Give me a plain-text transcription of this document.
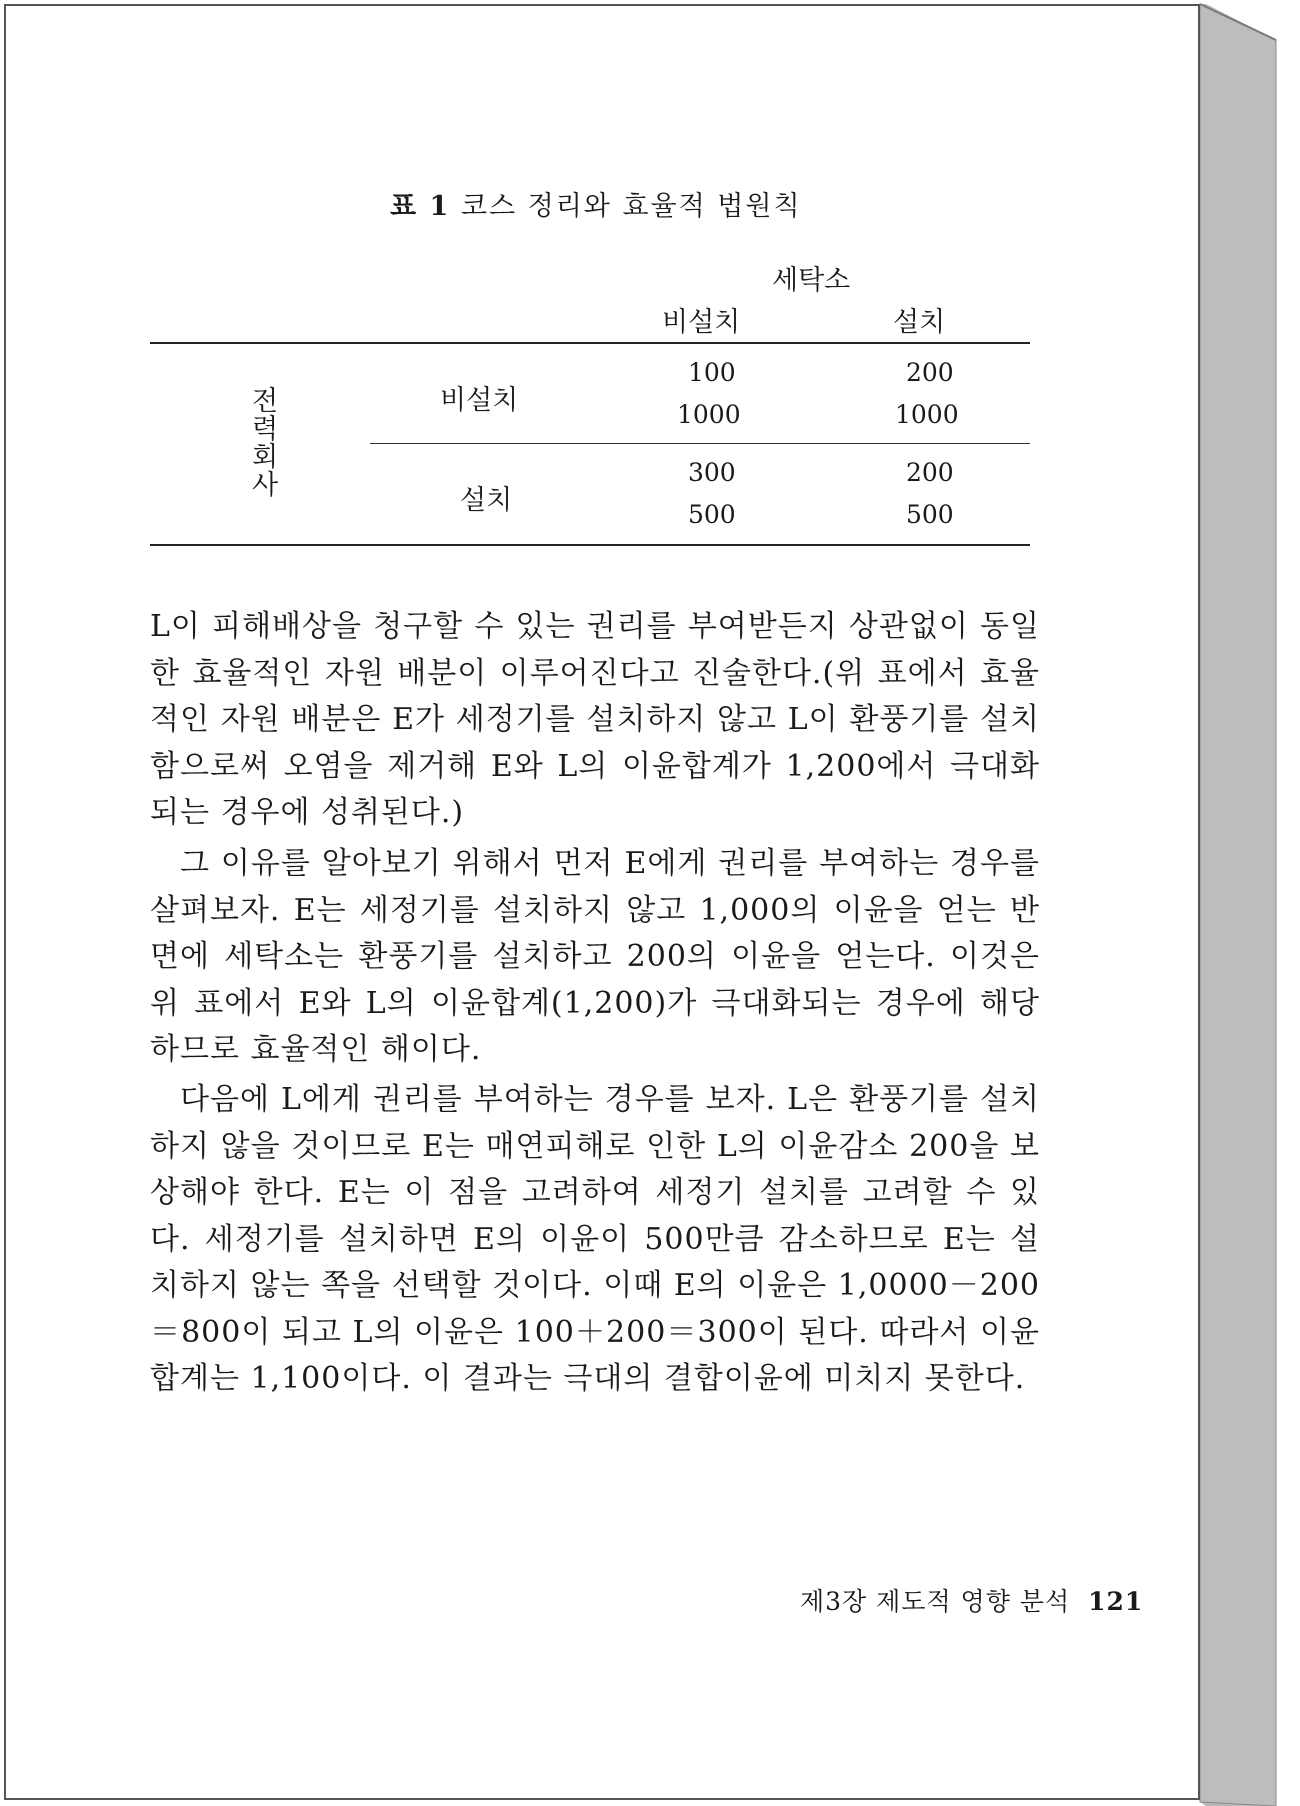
표 1 코스 정리와 효율적 법원칙
세탁소
비설치	설치
전력회사
비설치
100
1000
200
1000
설치
300
500
200
500
L이 피해배상을 청구할 수 있는 권리를 부여받든지 상관없이 동일한 효율적인 자원 배분이 이루어진다고 진술한다.(위 표에서 효율적인 자원 배분은 E가 세정기를 설치하지 않고 L이 환풍기를 설치함으로써 오염을 제거해 E와 L의 이윤합계가 1,200에서 극대화되는 경우에 성취된다.)
그 이유를 알아보기 위해서 먼저 E에게 권리를 부여하는 경우를 살펴보자. E는 세정기를 설치하지 않고 1,000의 이윤을 얻는 반면에 세탁소는 환풍기를 설치하고 200의 이윤을 얻는다. 이것은 위 표에서 E와 L의 이윤합계(1,200)가 극대화되는 경우에 해당하므로 효율적인 해이다.
다음에 L에게 권리를 부여하는 경우를 보자. L은 환풍기를 설치하지 않을 것이므로 E는 매연피해로 인한 L의 이윤감소 200을 보상해야 한다. E는 이 점을 고려하여 세정기 설치를 고려할 수 있다. 세정기를 설치하면 E의 이윤이 500만큼 감소하므로 E는 설치하지 않는 쪽을 선택할 것이다. 이때 E의 이윤은 1,0000－200＝800이 되고 L의 이윤은 100＋200＝300이 된다. 따라서 이윤합계는 1,100이다. 이 결과는 극대의 결합이윤에 미치지 못한다.
제3장 제도적 영향 분석 121
